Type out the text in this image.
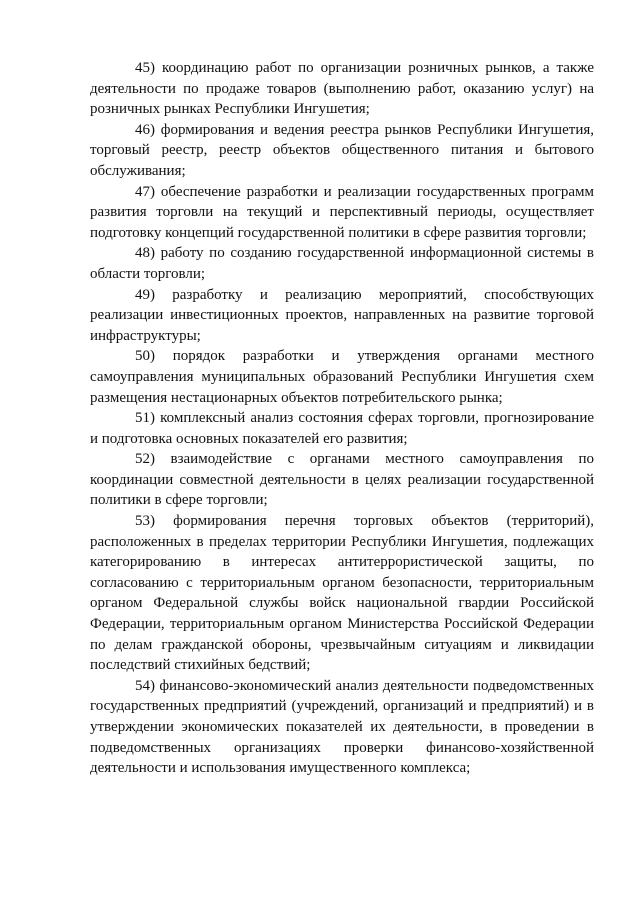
45) координацию работ по организации розничных рынков, а также деятельности по продаже товаров (выполнению работ, оказанию услуг) на розничных рынках Республики Ингушетия;

46) формирования и ведения реестра рынков Республики Ингушетия, торговый реестр, реестр объектов общественного питания и бытового обслуживания;

47) обеспечение разработки и реализации государственных программ развития торговли на текущий и перспективный периоды, осуществляет подготовку концепций государственной политики в сфере развития торговли;

48) работу по созданию государственной информационной системы в области торговли;

49) разработку и реализацию мероприятий, способствующих реализации инвестиционных проектов, направленных на развитие торговой инфраструктуры;

50) порядок разработки и утверждения органами местного самоуправления муниципальных образований Республики Ингушетия схем размещения нестационарных объектов потребительского рынка;

51) комплексный анализ состояния сферах торговли, прогнозирование и подготовка основных показателей его развития;

52) взаимодействие с органами местного самоуправления по координации совместной деятельности в целях реализации государственной политики в сфере торговли;

53) формирования перечня торговых объектов (территорий), расположенных в пределах территории Республики Ингушетия, подлежащих категорированию в интересах антитеррористической защиты, по согласованию с территориальным органом безопасности, территориальным органом Федеральной службы войск национальной гвардии Российской Федерации, территориальным органом Министерства Российской Федерации по делам гражданской обороны, чрезвычайным ситуациям и ликвидации последствий стихийных бедствий;

54) финансово-экономический анализ деятельности подведомственных государственных предприятий (учреждений, организаций и предприятий) и в утверждении экономических показателей их деятельности, в проведении в подведомственных организациях проверки финансово-хозяйственной деятельности и использования имущественного комплекса;
